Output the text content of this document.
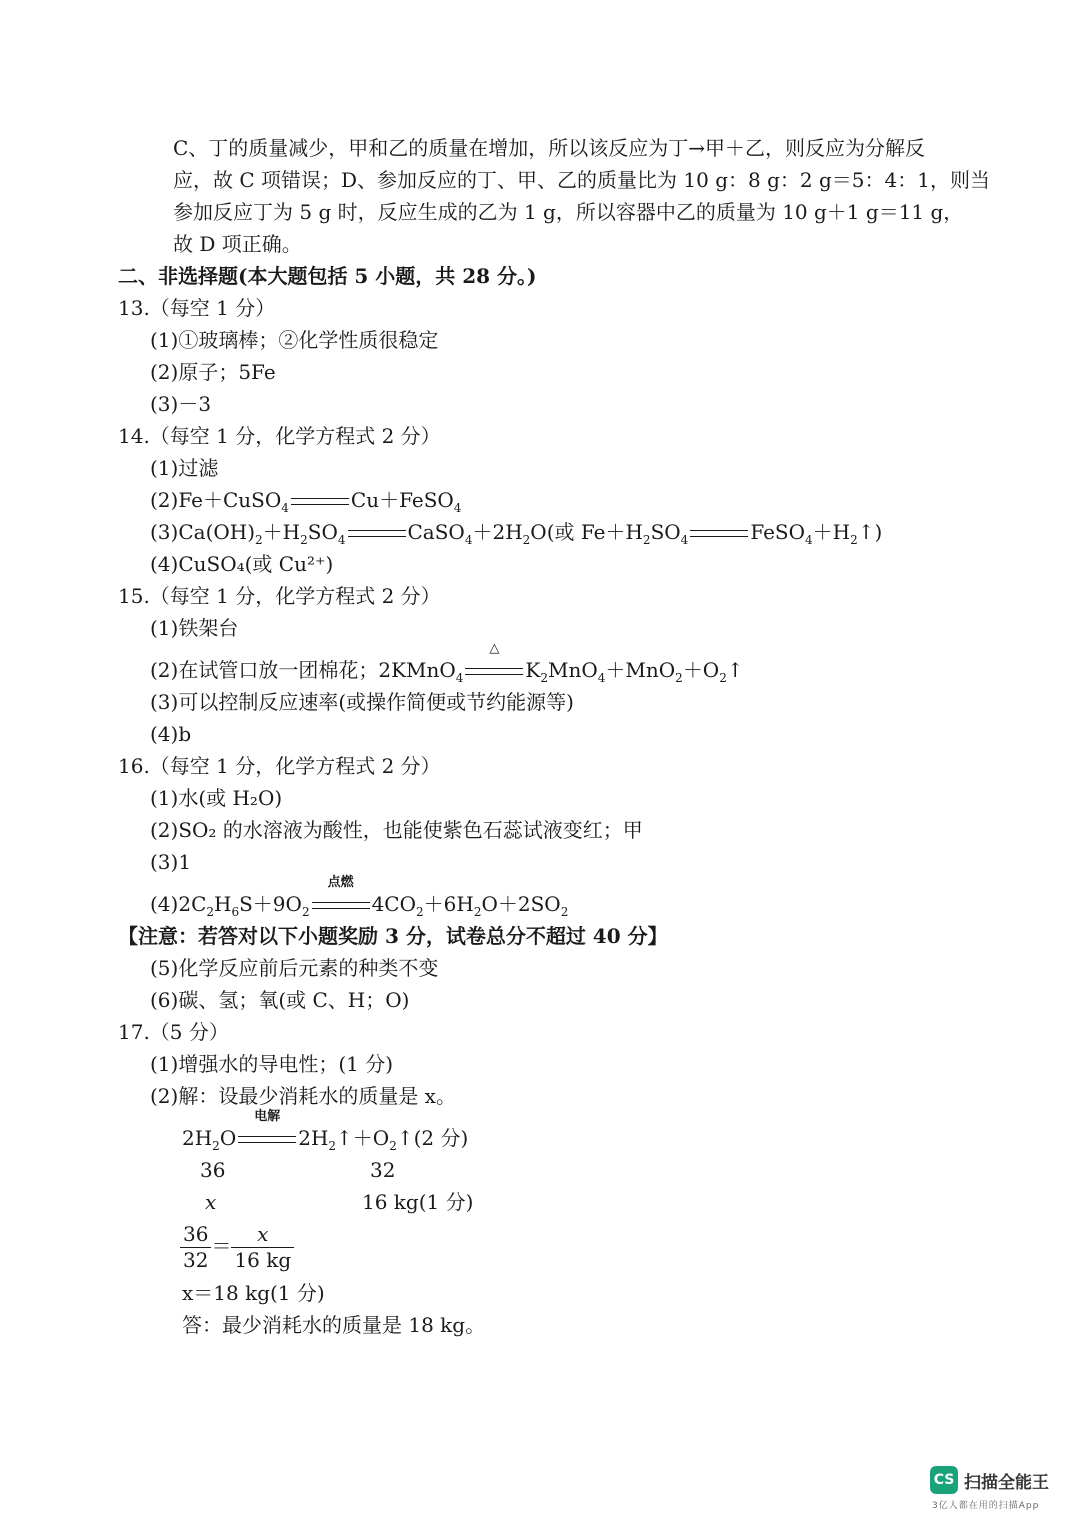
C、丁的质量减少，甲和乙的质量在增加，所以该反应为丁→甲＋乙，则反应为分解反
应，故 C 项错误；D、参加反应的丁、甲、乙的质量比为 10 g：8 g：2 g＝5：4：1，则当
参加反应丁为 5 g 时，反应生成的乙为 1 g，所以容器中乙的质量为 10 g＋1 g＝11 g，
故 D 项正确。
二、非选择题(本大题包括 5 小题，共 28 分。)
13.（每空 1 分）
(1)①玻璃棒；②化学性质很稳定
(2)原子；5Fe
(3)－3
14.（每空 1 分，化学方程式 2 分）
(1)过滤
(2)Fe＋CuSO$_4$	Cu＋FeSO$_4$
$(3)Ca(OH)_2+H_2SO_4$	$CaSO_4+2H_2O$(或 $Fe+H_2SO_4$	$FeSO_4+H_2↑$)
(4)CuSO₄(或 Cu²⁺)
15.（每空 1 分，化学方程式 2 分）
(1)铁架台
(2)在试管口放一团棉花；2KMnO$_4$
△
$K_2MnO_4+MnO_2+O_2↑$
(3)可以控制反应速率(或操作简便或节约能源等)
(4)b
16.（每空 1 分，化学方程式 2 分）
(1)水(或 H₂O)
(2)SO₂ 的水溶液为酸性，也能使紫色石蕊试液变红；甲
(3)1
$(4)2C_2H_6S+9O_2$
点燃
$4CO_2+6H_2O+2SO_2$
【注意：若答对以下小题奖励 3 分，试卷总分不超过 40 分】
(5)化学反应前后元素的种类不变
(6)碳、氢；氧(或 C、H；O)
17.（5 分）
(1)增强水的导电性；(1 分)
(2)解：设最少消耗水的质量是 x。
$2H_2O$
电解
$2H_2↑+O_2↑(2$ 分)
36	32
x	16 kg(1 分)
$\frac{36}{32} = \frac{x}{16 kg}$
x＝18 kg(1 分)
答：最少消耗水的质量是 18 kg。
CS 扫描全能王
3亿人都在用的扫描App
